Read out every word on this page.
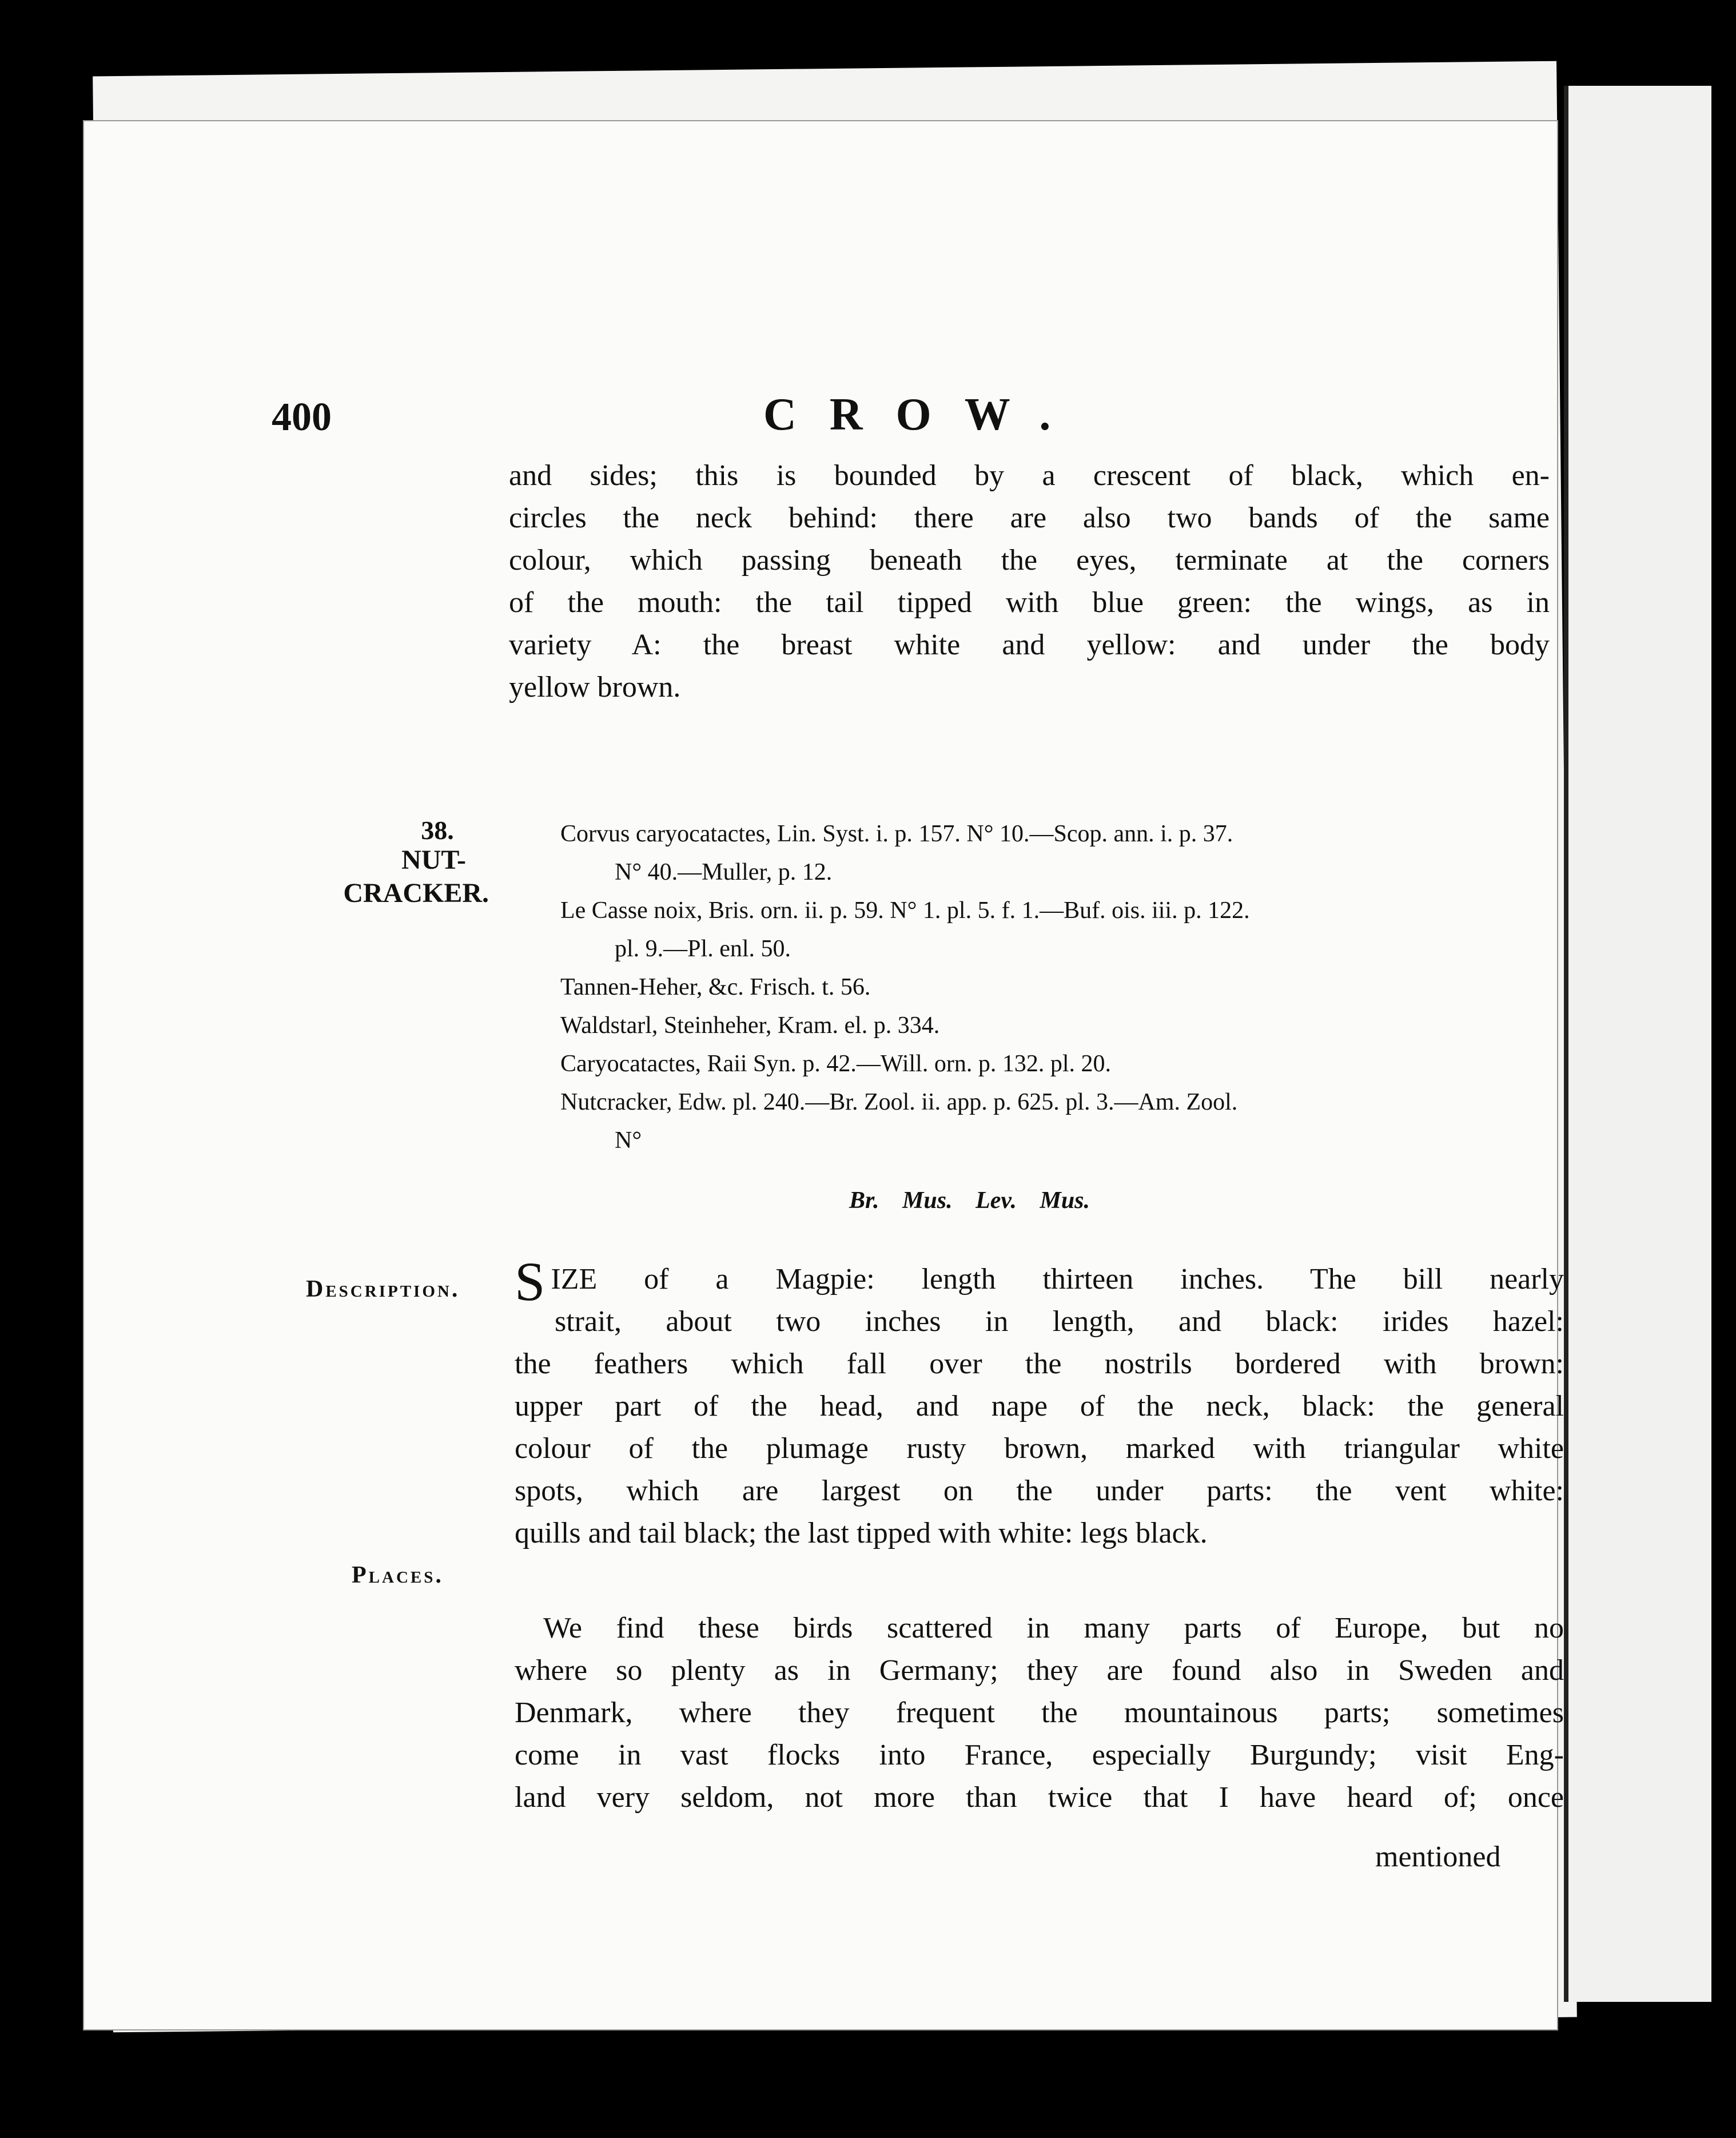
400	CROW.
and sides; this is bounded by a crescent of black, which en-
circles the neck behind: there are also two bands of the same
colour, which passing beneath the eyes, terminate at the corners
of the mouth: the tail tipped with blue green: the wings, as in
variety A: the breast white and yellow: and under the body
yellow brown.
38.
NUT-
CRACKER.
Corvus caryocatactes, Lin. Syst. i. p. 157. N° 10.—Scop. ann. i. p. 37.
N° 40.—Muller, p. 12.
Le Casse noix, Bris. orn. ii. p. 59. N° 1. pl. 5. f. 1.—Buf. ois. iii. p. 122.
pl. 9.—Pl. enl. 50.
Tannen-Heher, &c. Frisch. t. 56.
Waldstarl, Steinheher, Kram. el. p. 334.
Caryocatactes, Raii Syn. p. 42.—Will. orn. p. 132. pl. 20.
Nutcracker, Edw. pl. 240.—Br. Zool. ii. app. p. 625. pl. 3.—Am. Zool.
N°
Br. Mus. Lev. Mus.
Description. S IZE of a Magpie: length thirteen inches. The bill nearly
strait, about two inches in length, and black: irides hazel:
the feathers which fall over the nostrils bordered with brown:
upper part of the head, and nape of the neck, black: the general
colour of the plumage rusty brown, marked with triangular white
spots, which are largest on the under parts: the vent white:
quills and tail black; the last tipped with white: legs black.
Places.
We find these birds scattered in many parts of Europe, but no
where so plenty as in Germany; they are found also in Sweden and
Denmark, where they frequent the mountainous parts; sometimes
come in vast flocks into France, especially Burgundy; visit Eng-
land very seldom, not more than twice that I have heard of; once
mentioned
